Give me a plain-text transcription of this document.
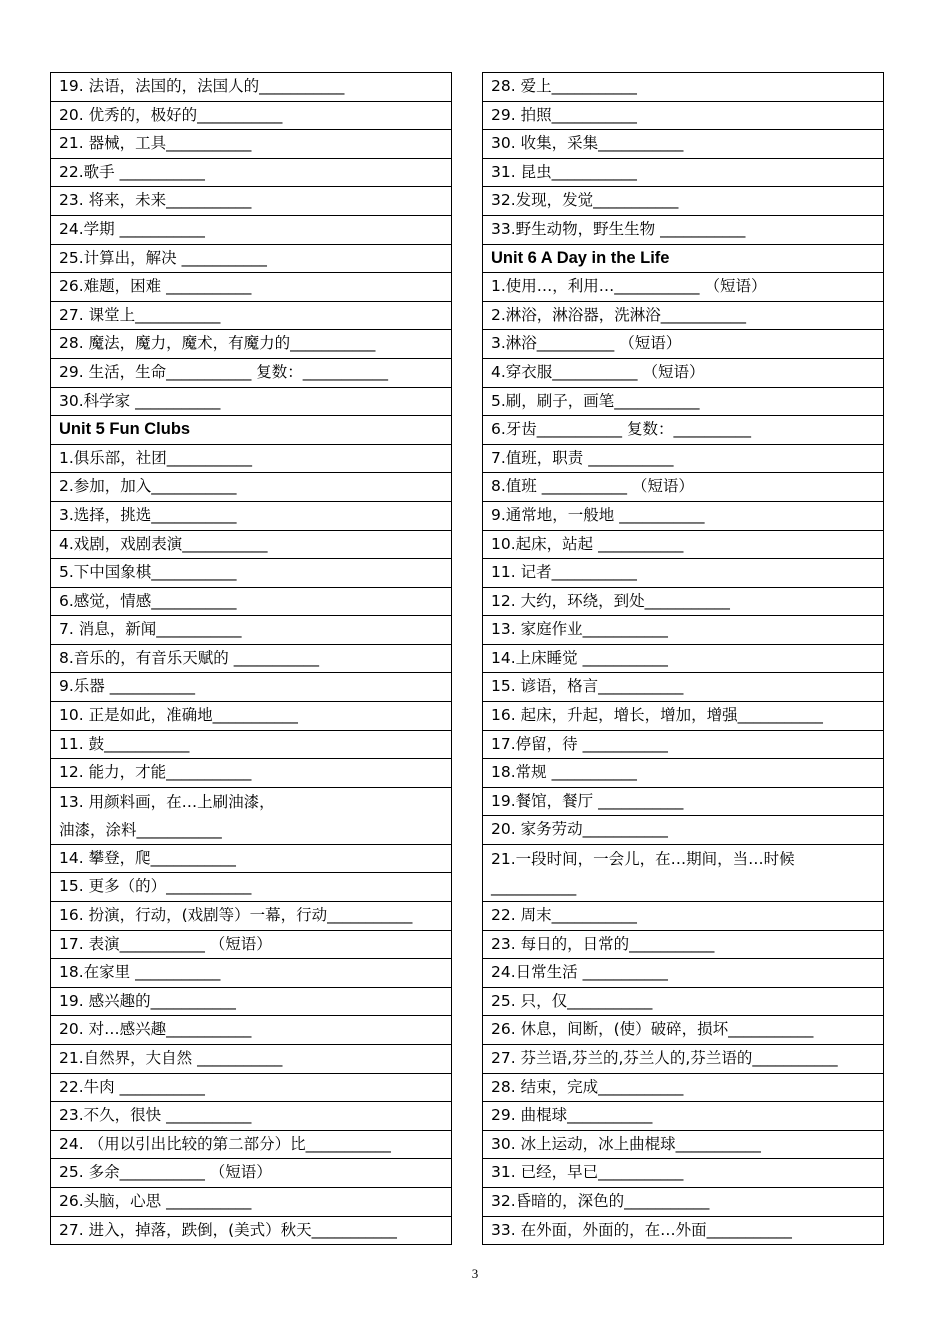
19. 法语，法国的，法国人的___________
20. 优秀的，极好的___________
21. 器械，工具___________
22.歌手 ___________
23. 将来，未来___________
24.学期 ___________
25.计算出，解决 ___________
26.难题，困难 ___________
27. 课堂上___________
28. 魔法，魔力，魔术，有魔力的___________
29. 生活，生命___________ 复数：___________
30.科学家 ___________
Unit 5 Fun Clubs
1.俱乐部，社团___________
2.参加，加入___________
3.选择，挑选___________
4.戏剧，戏剧表演___________
5.下中国象棋___________
6.感觉，情感___________
7. 消息，新闻___________
8.音乐的，有音乐天赋的 ___________
9.乐器 ___________
10. 正是如此，准确地___________
11. 鼓___________
12. 能力，才能___________
13. 用颜料画，在…上刷油漆，
油漆，涂料___________
14. 攀登，爬___________
15. 更多（的）___________
16. 扮演，行动，(戏剧等）一幕，行动___________
17. 表演___________ （短语）
18.在家里 ___________
19. 感兴趣的___________
20. 对…感兴趣___________
21.自然界，大自然 ___________
22.牛肉 ___________
23.不久，很快 ___________
24. （用以引出比较的第二部分）比___________
25. 多余___________ （短语）
26.头脑，心思 ___________
27. 进入，掉落，跌倒，(美式）秋天___________
28. 爱上___________
29. 拍照___________
30. 收集，采集___________
31. 昆虫___________
32.发现，发觉___________
33.野生动物，野生生物 ___________
Unit 6 A Day in the Life
1.使用…，利用…___________ （短语）
2.淋浴，淋浴器，洗淋浴___________
3.淋浴__________ （短语）
4.穿衣服___________ （短语）
5.刷，刷子，画笔___________
6.牙齿___________ 复数：__________
7.值班，职责 ___________
8.值班 ___________ （短语）
9.通常地，一般地 ___________
10.起床，站起 ___________
11. 记者___________
12. 大约，环绕，到处___________
13. 家庭作业___________
14.上床睡觉 ___________
15. 谚语，格言___________
16. 起床，升起，增长，增加，增强___________
17.停留，待 ___________
18.常规 ___________
19.餐馆，餐厅 ___________
20. 家务劳动___________
21.一段时间，一会儿，在…期间，当…时候
___________
22. 周末___________
23. 每日的，日常的___________
24.日常生活 ___________
25. 只，仅___________
26. 休息，间断，(使）破碎，损坏___________
27. 芬兰语,芬兰的,芬兰人的,芬兰语的___________
28. 结束，完成___________
29. 曲棍球___________
30. 冰上运动，冰上曲棍球___________
31. 已经，早已___________
32.昏暗的，深色的___________
33. 在外面，外面的，在…外面___________
3
